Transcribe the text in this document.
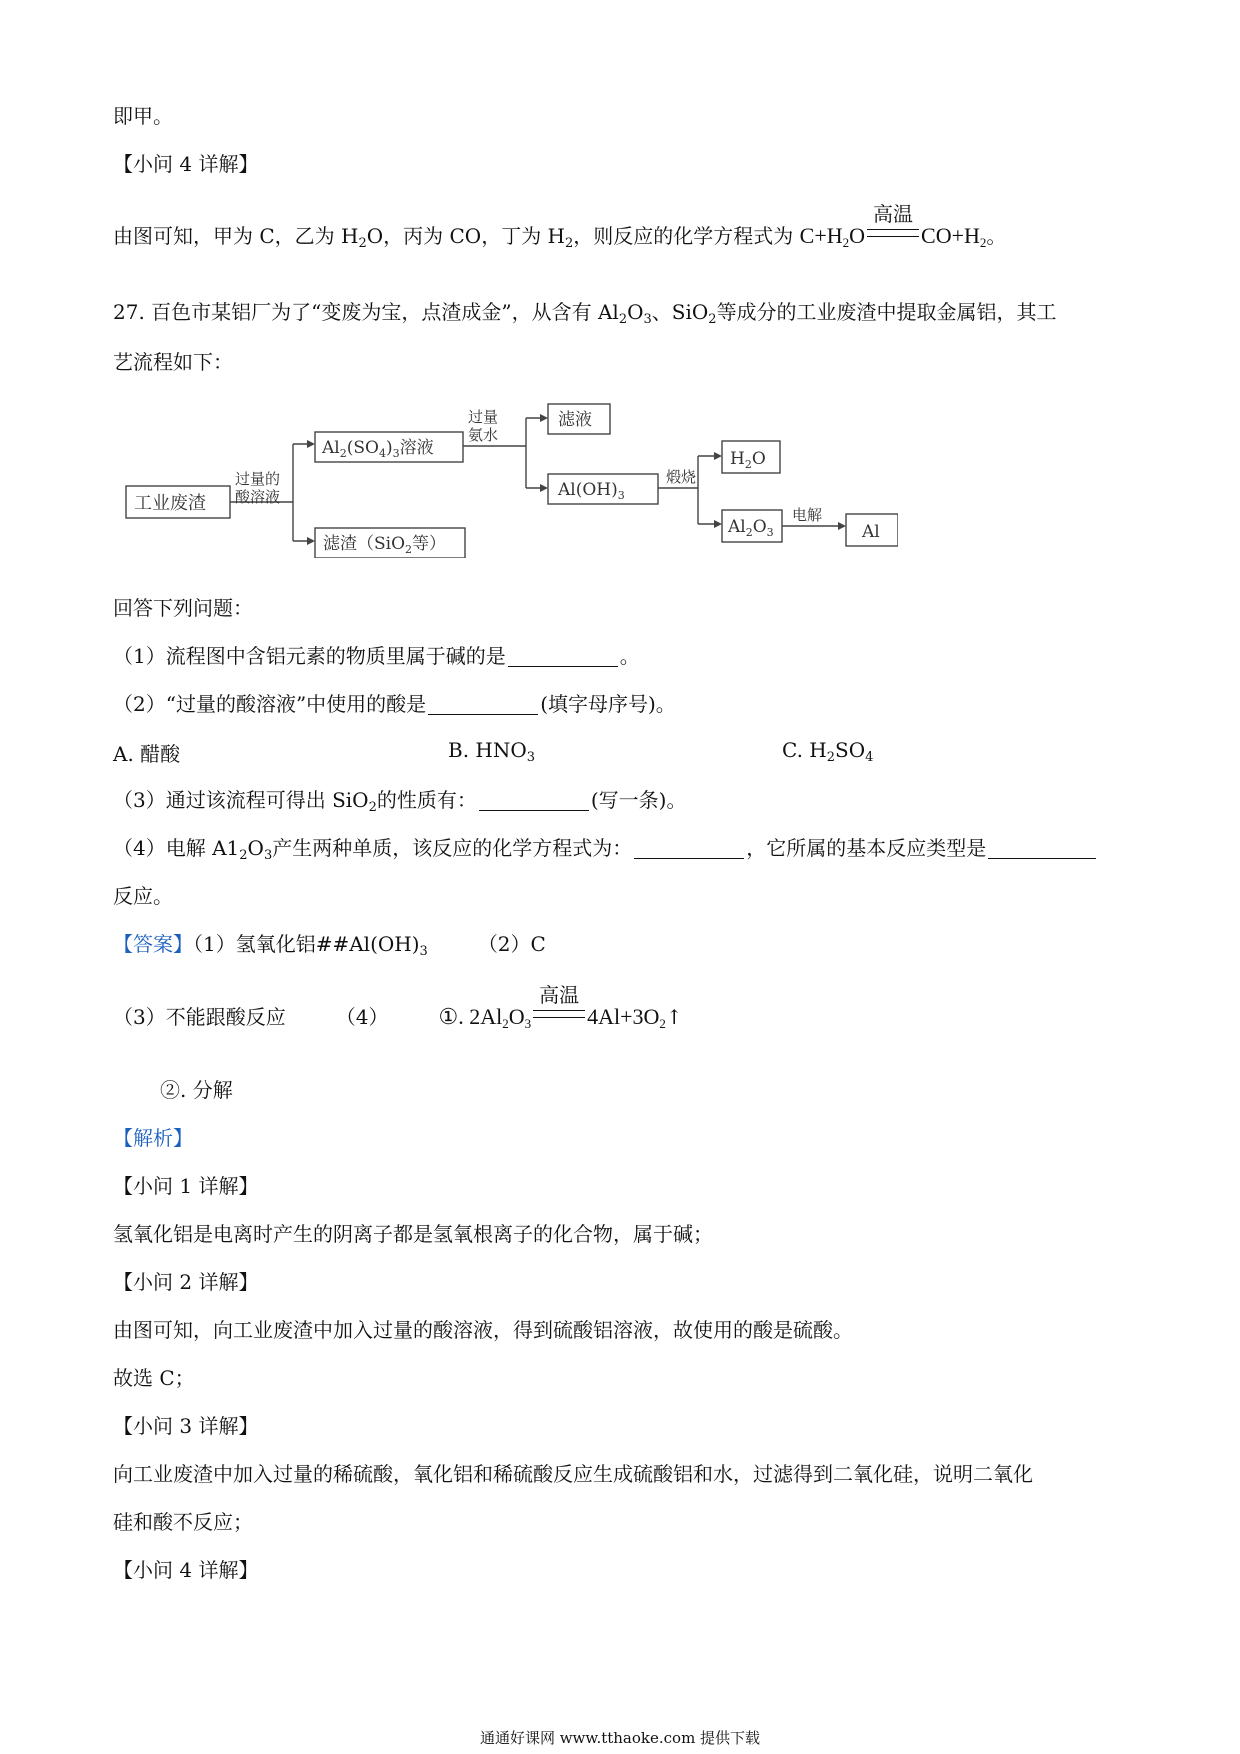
即甲。
【小问 4 详解】
由图可知，甲为 C，乙为 $H_2O$，丙为 CO，丁为 $H_2$，则反应的化学方程式为 $C+H_2O$
高温
$CO+H_2$。
27. 百色市某铝厂为了“变废为宝，点渣成金”，从含有 $Al_2O_3$、SiO$_2$等成分的工业废渣中提取金属铝，其工
艺流程如下：
工业废渣
过量的
酸溶液
$Al_2(SO_4)_3$溶液
滤渣（SiO$_2$等）
过量
氨水
滤液
$Al(OH)_3$
煅烧
$H_2O$
$Al_2O_3$
电解
Al
回答下列问题：
（1）流程图中含铝元素的物质里属于碱的是	。
（2）“过量的酸溶液”中使用的酸是	(填字母序号)。
A. 醋酸	B. $HNO_3$	C. $H_2SO_4$
（3）通过该流程可得出 SiO$_2$的性质有：	(写一条)。
（4）电解 $A1_2O_3$产生两种单质，该反应的化学方程式为：	，它所属的基本反应类型是
反应。
【答案】（1）氢氧化铝$\#\#Al(OH)_3$	（2）C
（3）不能跟酸反应	（4） ①. $2Al_2O_3$
高温
$4Al+3O_2↑$
②. 分解
【解析】
【小问 1 详解】
氢氧化铝是电离时产生的阴离子都是氢氧根离子的化合物，属于碱；
【小问 2 详解】
由图可知，向工业废渣中加入过量的酸溶液，得到硫酸铝溶液，故使用的酸是硫酸。
故选 C；
【小问 3 详解】
向工业废渣中加入过量的稀硫酸，氧化铝和稀硫酸反应生成硫酸铝和水，过滤得到二氧化硅，说明二氧化
硅和酸不反应；
【小问 4 详解】
通通好课网 www.tthaoke.com 提供下载
